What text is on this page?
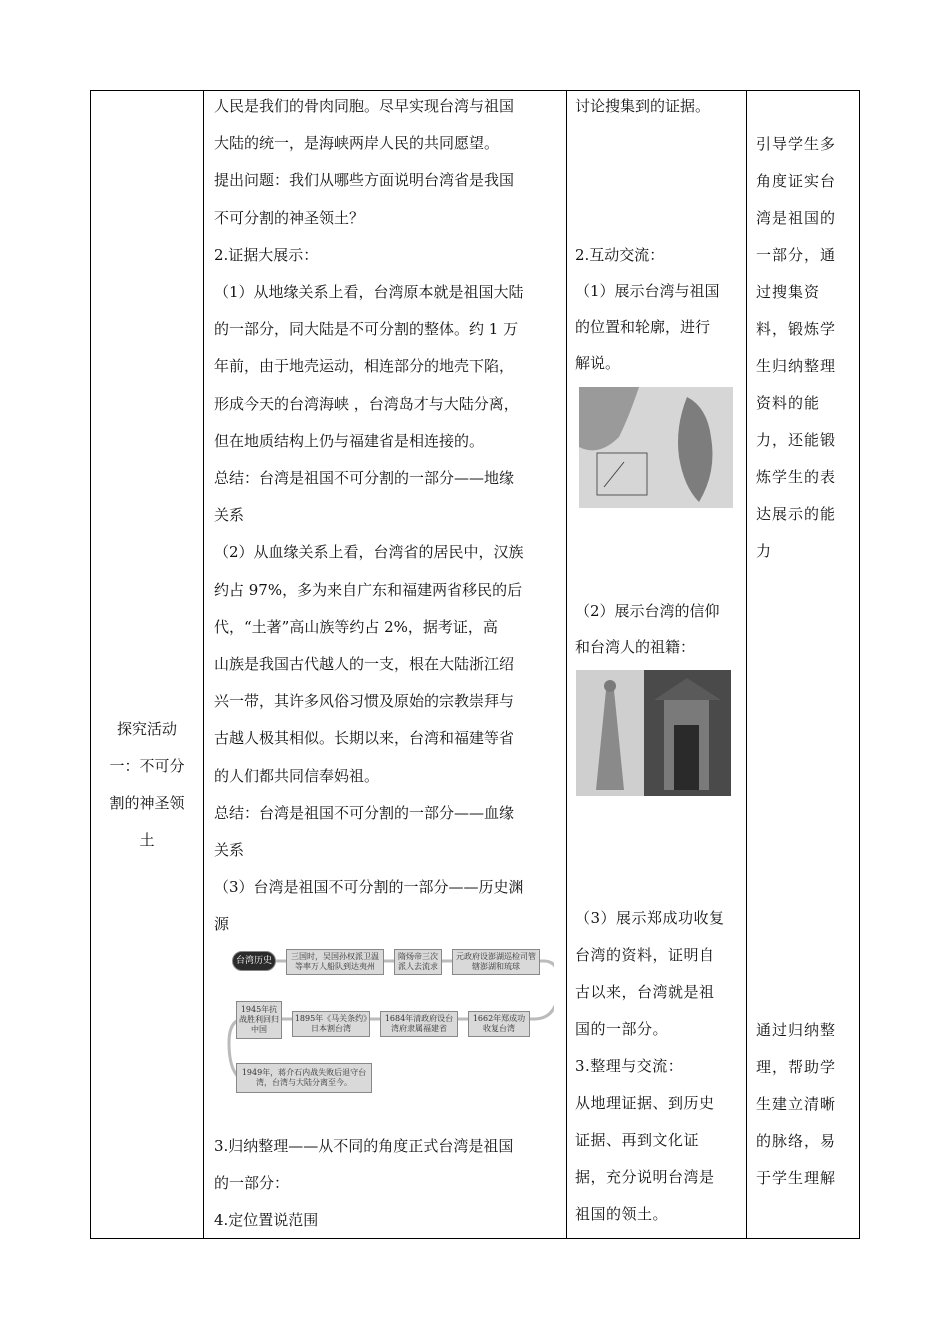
探究活动
一：不可分
割的神圣领
土
人民是我们的骨肉同胞。尽早实现台湾与祖国
大陆的统一，是海峡两岸人民的共同愿望。
提出问题：我们从哪些方面说明台湾省是我国
不可分割的神圣领土？
2.证据大展示：
（1）从地缘关系上看，台湾原本就是祖国大陆
的一部分，同大陆是不可分割的整体。约 1 万
年前，由于地壳运动，相连部分的地壳下陷，
形成今天的台湾海峡 ，台湾岛才与大陆分离，
但在地质结构上仍与福建省是相连接的。
总结：台湾是祖国不可分割的一部分——地缘
关系
（2）从血缘关系上看，台湾省的居民中，汉族
约占 97%，多为来自广东和福建两省移民的后
代，“土著”高山族等约占 2%，据考证，高
山族是我国古代越人的一支，根在大陆浙江绍
兴一带，其许多风俗习惯及原始的宗教崇拜与
古越人极其相似。长期以来，台湾和福建等省
的人们都共同信奉妈祖。
总结：台湾是祖国不可分割的一部分——血缘
关系
（3）台湾是祖国不可分割的一部分——历史渊
源
台湾历史	三国时，吴国孙权派卫温等率万人船队到达夷州
隋炀帝三次派人去流求
元政府设澎湖巡检司管辖澎湖和琉球
1945年抗战胜利回归中国
1895年《马关条约》日本割台湾
1684年清政府设台湾府隶属福建省
1662年郑成功收复台湾
1949年，蒋介石内战失败后退守台湾，台湾与大陆分离至今。
3.归纳整理——从不同的角度正式台湾是祖国
的一部分：
4.定位置说范围
讨论搜集到的证据。
2.互动交流：
（1）展示台湾与祖国
的位置和轮廓，进行
解说。
（2）展示台湾的信仰
和台湾人的祖籍：
（3）展示郑成功收复
台湾的资料，证明自
古以来，台湾就是祖
国的一部分。
3.整理与交流：
从地理证据、到历史
证据、再到文化证
据，充分说明台湾是
祖国的领土。
引导学生多
角度证实台
湾是祖国的
一部分，通
过搜集资
料，锻炼学
生归纳整理
资料的能
力，还能锻
炼学生的表
达展示的能
力
通过归纳整
理，帮助学
生建立清晰
的脉络，易
于学生理解
